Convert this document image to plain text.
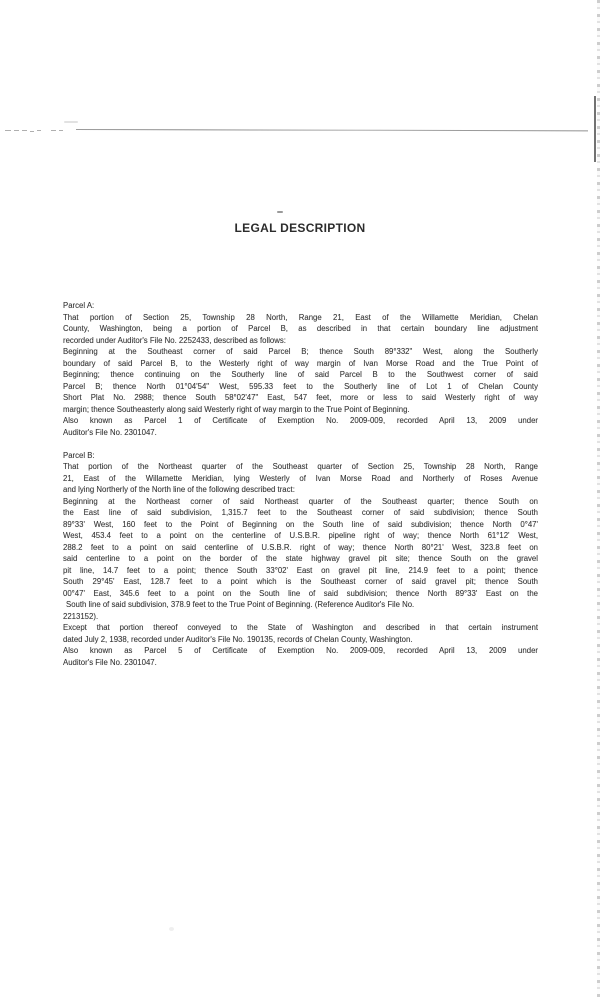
LEGAL DESCRIPTION
Parcel A:
That portion of Section 25, Township 28 North, Range 21, East of the Willamette Meridian, Chelan
County, Washington, being a portion of Parcel B, as described in that certain boundary line adjustment
recorded under Auditor's File No. 2252433, described as follows:
Beginning at the Southeast corner of said Parcel B; thence South 89°332" West, along the Southerly
boundary of said Parcel B, to the Westerly right of way margin of Ivan Morse Road and the True Point of
Beginning; thence continuing on the Southerly line of said Parcel B to the Southwest corner of said
Parcel B; thence North 01°04'54" West, 595.33 feet to the Southerly line of Lot 1 of Chelan County
Short Plat No. 2988; thence South 58°02'47" East, 547 feet, more or less to said Westerly right of way
margin; thence Southeasterly along said Westerly right of way margin to the True Point of Beginning.
Also known as Parcel 1 of Certificate of Exemption No. 2009-009, recorded April 13, 2009 under
Auditor's File No. 2301047.
Parcel B:
That portion of the Northeast quarter of the Southeast quarter of Section 25, Township 28 North, Range
21, East of the Willamette Meridian, lying Westerly of Ivan Morse Road and Northerly of Roses Avenue
and lying Northerly of the North line of the following described tract:
Beginning at the Northeast corner of said Northeast quarter of the Southeast quarter; thence South on
the East line of said subdivision, 1,315.7 feet to the Southeast corner of said subdivision; thence South
89°33' West, 160 feet to the Point of Beginning on the South line of said subdivision; thence North 0°47'
West, 453.4 feet to a point on the centerline of U.S.B.R. pipeline right of way; thence North 61°12' West,
288.2 feet to a point on said centerline of U.S.B.R. right of way; thence North 80°21' West, 323.8 feet on
said centerline to a point on the border of the state highway gravel pit site; thence South on the gravel
pit line, 14.7 feet to a point; thence South 33°02' East on gravel pit line, 214.9 feet to a point; thence
South 29°45' East, 128.7 feet to a point which is the Southeast corner of said gravel pit; thence South
00°47' East, 345.6 feet to a point on the South line of said subdivision; thence North 89°33' East on the
South line of said subdivision, 378.9 feet to the True Point of Beginning. (Reference Auditor's File No.
2213152).
Except that portion thereof conveyed to the State of Washington and described in that certain instrument
dated July 2, 1938, recorded under Auditor's File No. 190135, records of Chelan County, Washington.
Also known as Parcel 5 of Certificate of Exemption No. 2009-009, recorded April 13, 2009 under
Auditor's File No. 2301047.
